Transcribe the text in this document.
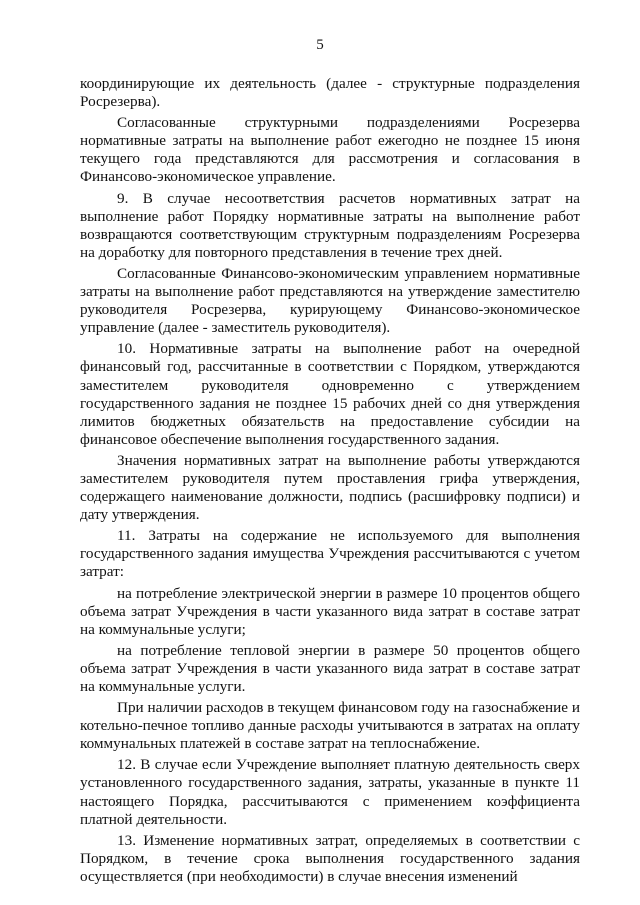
5

координирующие их деятельность (далее - структурные подразделения Росрезерва).

Согласованные структурными подразделениями Росрезерва нормативные затраты на выполнение работ ежегодно не позднее 15 июня текущего года представляются для рассмотрения и согласования в Финансово-экономическое управление.

9. В случае несоответствия расчетов нормативных затрат на выполнение работ Порядку нормативные затраты на выполнение работ возвращаются соответствующим структурным подразделениям Росрезерва на доработку для повторного представления в течение трех дней.

Согласованные Финансово-экономическим управлением нормативные затраты на выполнение работ представляются на утверждение заместителю руководителя Росрезерва, курирующему Финансово-экономическое управление (далее - заместитель руководителя).

10. Нормативные затраты на выполнение работ на очередной финансовый год, рассчитанные в соответствии с Порядком, утверждаются заместителем руководителя одновременно с утверждением государственного задания не позднее 15 рабочих дней со дня утверждения лимитов бюджетных обязательств на предоставление субсидии на финансовое обеспечение выполнения государственного задания.

Значения нормативных затрат на выполнение работы утверждаются заместителем руководителя путем проставления грифа утверждения, содержащего наименование должности, подпись (расшифровку подписи) и дату утверждения.

11. Затраты на содержание не используемого для выполнения государственного задания имущества Учреждения рассчитываются с учетом затрат:

на потребление электрической энергии в размере 10 процентов общего объема затрат Учреждения в части указанного вида затрат в составе затрат на коммунальные услуги;

на потребление тепловой энергии в размере 50 процентов общего объема затрат Учреждения в части указанного вида затрат в составе затрат на коммунальные услуги.

При наличии расходов в текущем финансовом году на газоснабжение и котельно-печное топливо данные расходы учитываются в затратах на оплату коммунальных платежей в составе затрат на теплоснабжение.

12. В случае если Учреждение выполняет платную деятельность сверх установленного государственного задания, затраты, указанные в пункте 11 настоящего Порядка, рассчитываются с применением коэффициента платной деятельности.

13. Изменение нормативных затрат, определяемых в соответствии с Порядком, в течение срока выполнения государственного задания осуществляется (при необходимости) в случае внесения изменений
